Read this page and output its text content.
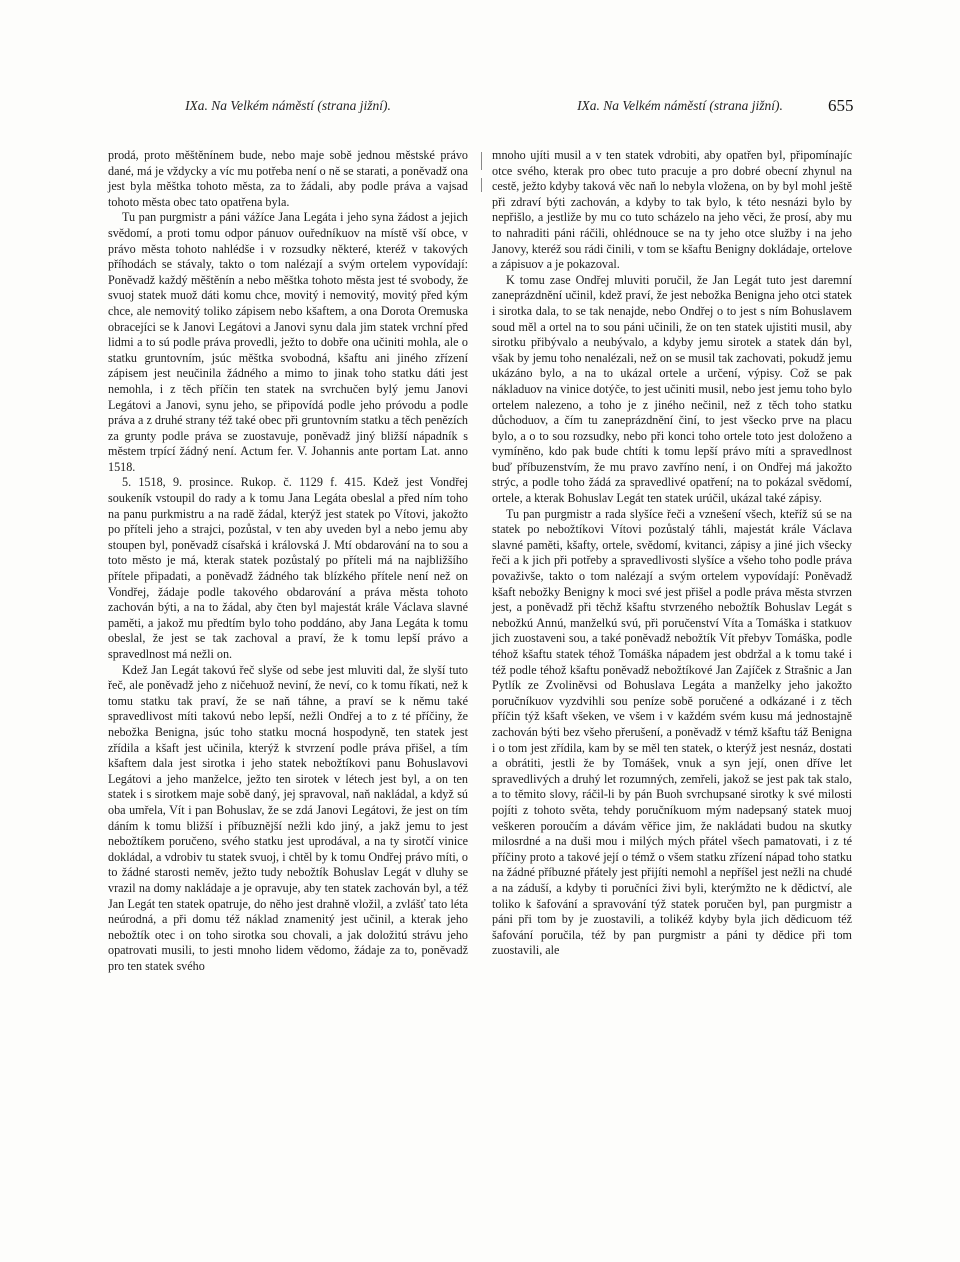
IXa. Na Velkém náměstí (strana jižní).	IXa. Na Velkém náměstí (strana jižní).	655

prodá, proto měštěnínem bude, nebo maje sobě jednou městské právo dané, má je vždycky a víc mu potřeba není o ně se starati, a poněvadž ona jest byla měštka tohoto města, za to žádali, aby podle práva a vajsad tohoto města obec tato opatřena byla.

Tu pan purgmistr a páni vážíce Jana Legáta i jeho syna žádost a jejich svědomí, a proti tomu odpor pánuov ouředníkuov na místě vší obce, v právo města tohoto nahlédše i v rozsudky některé, kteréž v takových příhodách se stávaly, takto o tom nalézají a svým ortelem vypovídají: Poněvadž každý měštěnín a nebo měštka tohoto města jest té svobody, že svuoj statek muož dáti komu chce, movitý i nemovitý, movitý před kým chce, ale nemovitý toliko zápisem nebo kšaftem, a ona Dorota Oremuska obracejíci se k Janovi Legátovi a Janovi synu dala jim statek vrchní před lidmi a to sú podle práva provedli, ježto to dobře ona učiniti mohla, ale o statku gruntovním, jsúc měštka svobodná, kšaftu ani jiného zřízení zápisem jest neučinila žádného a mimo to jinak toho statku dáti jest nemohla, i z těch příčin ten statek na svrchučen bylý jemu Janovi Legátovi a Janovi, synu jeho, se připovídá podle jeho próvodu a podle práva a z druhé strany též také obec při gruntovním statku a těch penězích za grunty podle práva se zuostavuje, poněvadž jiný bližší nápadník s městem trpící žádný není. Actum fer. V. Johannis ante portam Lat. anno 1518.

5. 1518, 9. prosince. Rukop. č. 1129 f. 415. Kdež jest Vondřej soukeník vstoupil do rady a k tomu Jana Legáta obeslal a před ním toho na panu purkmistru a na radě žádal, kterýž jest statek po Vítovi, jakožto po příteli jeho a strajci, pozůstal, v ten aby uveden byl a nebo jemu aby stoupen byl, poněvadž císařská i královská J. Mtí obdarování na to sou a toto město je má, kterak statek pozůstalý po příteli má na najbližšího přítele připadati, a poněvadž žádného tak blízkého přítele není než on Vondřej, žádaje podle takového obdarování a práva města tohoto zachován býti, a na to žádal, aby čten byl majestát krále Václava slavné paměti, a jakož mu předtím bylo toho poddáno, aby Jana Legáta k tomu obeslal, že jest se tak zachoval a praví, že k tomu lepší právo a spravedlnost má nežli on.

Kdež Jan Legát takovú řeč slyše od sebe jest mluviti dal, že slyší tuto řeč, ale poněvadž jeho z ničehuož neviní, že neví, co k tomu říkati, než k tomu statku tak praví, že se naň táhne, a praví se k němu také spravedlivost míti takovú nebo lepší, nežli Ondřej a to z té příčiny, že nebožka Benigna, jsúc toho statku mocná hospodyně, ten statek jest zřídila a kšaft jest učinila, kterýž k stvrzení podle práva přišel, a tím kšaftem dala jest sirotka i jeho statek nebožtíkovi panu Bohuslavovi Legátovi a jeho manželce, ježto ten sirotek v létech jest byl, a on ten statek i s sirotkem maje sobě daný, jej spravoval, naň nakládal, a když sú oba umřela, Vít i pan Bohuslav, že se zdá Janovi Legátovi, že jest on tím dáním k tomu bližší i příbuznější nežli kdo jiný, a jakž jemu to jest nebožtíkem poručeno, svého statku jest uprodával, a na ty sirotčí vinice dokládal, a vdrobiv tu statek svuoj, i chtěl by k tomu Ondřej právo míti, o to žádné starosti neměv, ježto tudy nebožtík Bohuslav Legát v dluhy se vrazil na domy nakládaje a je opravuje, aby ten statek zachován byl, a též Jan Legát ten statek opatruje, do něho jest drahně vložil, a zvlášť tato léta neúrodná, a při domu též náklad znamenitý jest učinil, a kterak jeho nebožtík otec i on toho sirotka sou chovali, a jak doložitú strávu jeho opatrovati musili, to jesti mnoho lidem vědomo, žádaje za to, poněvadž pro ten statek svého

mnoho ujíti musil a v ten statek vdrobiti, aby opatřen byl, připomínajíc otce svého, kterak pro obec tuto pracuje a pro dobré obecní zhynul na cestě, ježto kdyby taková věc naň lo nebyla vložena, on by byl mohl ještě při zdraví býti zachován, a kdyby to tak bylo, k této nesnázi bylo by nepřišlo, a jestliže by mu co tuto scházelo na jeho věci, že prosí, aby mu to nahraditi páni ráčili, ohlédnouce se na ty jeho otce služby i na jeho Janovy, kteréž sou rádi činili, v tom se kšaftu Benigny dokládaje, ortelove a zápisuov a je pokazoval.

K tomu zase Ondřej mluviti poručil, že Jan Legát tuto jest daremní zaneprázdnění učinil, kdež praví, že jest nebožka Benigna jeho otci statek i sirotka dala, to se tak nenajde, nebo Ondřej o to jest s ním Bohuslavem soud měl a ortel na to sou páni učinili, že on ten statek ujistiti musil, aby sirotku přibývalo a neubývalo, a kdyby jemu sirotek a statek dán byl, však by jemu toho nenalézali, než on se musil tak zachovati, pokudž jemu ukázáno bylo, a na to ukázal ortele a určení, výpisy. Což se pak nákladuov na vinice dotýče, to jest učiniti musil, nebo jest jemu toho bylo ortelem nalezeno, a toho je z jiného nečinil, než z těch toho statku důchoduov, a čím tu zaneprázdnění činí, to jest všecko prve na placu bylo, a o to sou rozsudky, nebo při konci toho ortele toto jest doloženo a vymíněno, kdo pak bude chtíti k tomu lepší právo míti a spravedlnost buď příbuzenstvím, že mu pravo zavříno není, i on Ondřej má jakožto strýc, a podle toho žádá za spravedlivé opatření; na to pokázal svědomí, ortele, a kterak Bohuslav Legát ten statek urúčil, ukázal také zápisy.

Tu pan purgmistr a rada slyšíce řeči a vznešení všech, kteříž sú se na statek po nebožtíkovi Vítovi pozůstalý táhli, majestát krále Václava slavné paměti, kšafty, ortele, svědomí, kvitanci, zápisy a jiné jich všecky řeči a k jich při potřeby a spravedlivosti slyšíce a všeho toho podle práva považivše, takto o tom nalézají a svým ortelem vypovídají: Poněvadž kšaft nebožky Benigny k moci své jest přišel a podle práva města stvrzen jest, a poněvadž při těchž kšaftu stvrzeného nebožtík Bohuslav Legát s nebožkú Annú, manželkú svú, při poručenství Víta a Tomáška i statkuov jich zuostaveni sou, a také poněvadž nebožtík Vít přebyv Tomáška, podle téhož kšaftu statek téhož Tomáška nápadem jest obdržal a k tomu také i též podle téhož kšaftu poněvadž nebožtíkové Jan Zajíček z Strašnic a Jan Pytlík ze Zvoliněvsi od Bohuslava Legáta a manželky jeho jakožto poručníkuov vyzdvihli sou peníze sobě poručené a odkázané i z těch příčin týž kšaft všeken, ve všem i v každém svém kusu má jednostajně zachován býti bez všeho přerušení, a poněvadž v témž kšaftu táž Benigna i o tom jest zřídila, kam by se měl ten statek, o kterýž jest nesnáz, dostati a obrátiti, jestli že by Tomášek, vnuk a syn její, onen dříve let spravedlivých a druhý let rozumných, zemřeli, jakož se jest pak tak stalo, a to těmito slovy, ráčil-li by pán Buoh svrchupsané sirotky k své milosti pojíti z tohoto světa, tehdy poručníkuom mým nadepsaný statek muoj veškeren poroučím a dávám věřice jim, že nakládati budou na skutky milosrdné a na duši mou i milých mých přátel všech pamatovati, i z té příčiny proto a takové její o témž o všem statku zřízení nápad toho statku na žádné příbuzné přátely jest přijíti nemohl a nepříšel jest nežli na chudé a na záduší, a kdyby ti poručníci živi byli, kterýmžto ne k dědictví, ale toliko k šafování a spravování týž statek poručen byl, pan purgmistr a páni při tom by je zuostavili, a tolikéž kdyby byla jich dědicuom též šafování poručila, též by pan purgmistr a páni ty dědice při tom zuostavili, ale
